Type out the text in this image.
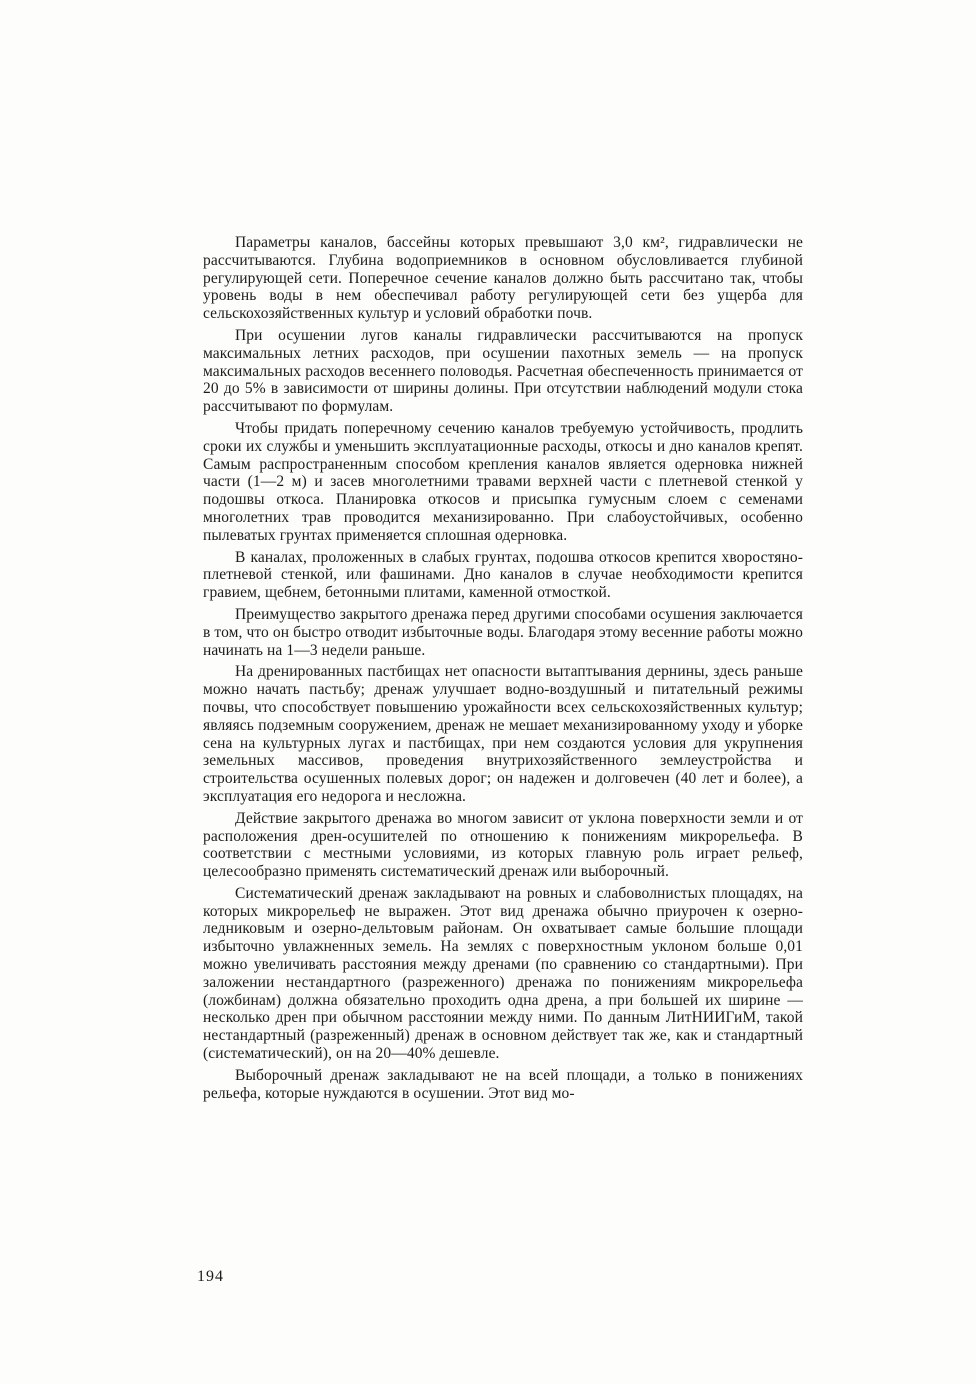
Параметры каналов, бассейны которых превышают 3,0 км², гидравлически не рассчитываются. Глубина водоприемников в основном обусловливается глубиной регулирующей сети. Поперечное сечение каналов должно быть рассчитано так, чтобы уровень воды в нем обеспечивал работу регулирующей сети без ущерба для сельскохозяйственных культур и условий обработки почв.

При осушении лугов каналы гидравлически рассчитываются на пропуск максимальных летних расходов, при осушении пахотных земель — на пропуск максимальных расходов весеннего половодья. Расчетная обеспеченность принимается от 20 до 5% в зависимости от ширины долины. При отсутствии наблюдений модули стока рассчитывают по формулам.

Чтобы придать поперечному сечению каналов требуемую устойчивость, продлить сроки их службы и уменьшить эксплуатационные расходы, откосы и дно каналов крепят. Самым распространенным способом крепления каналов является одерновка нижней части (1—2 м) и засев многолетними травами верхней части с плетневой стенкой у подошвы откоса. Планировка откосов и присыпка гумусным слоем с семенами многолетних трав проводится механизированно. При слабоустойчивых, особенно пылеватых грунтах применяется сплошная одерновка.

В каналах, проложенных в слабых грунтах, подошва откосов крепится хворостяно-плетневой стенкой, или фашинами. Дно каналов в случае необходимости крепится гравием, щебнем, бетонными плитами, каменной отмосткой.

Преимущество закрытого дренажа перед другими способами осушения заключается в том, что он быстро отводит избыточные воды. Благодаря этому весенние работы можно начинать на 1—3 недели раньше.

На дренированных пастбищах нет опасности вытаптывания дернины, здесь раньше можно начать пастьбу; дренаж улучшает водно-воздушный и питательный режимы почвы, что способствует повышению урожайности всех сельскохозяйственных культур; являясь подземным сооружением, дренаж не мешает механизированному уходу и уборке сена на культурных лугах и пастбищах, при нем создаются условия для укрупнения земельных массивов, проведения внутрихозяйственного землеустройства и строительства осушенных полевых дорог; он надежен и долговечен (40 лет и более), а эксплуатация его недорога и несложна.

Действие закрытого дренажа во многом зависит от уклона поверхности земли и от расположения дрен-осушителей по отношению к понижениям микрорельефа. В соответствии с местными условиями, из которых главную роль играет рельеф, целесообразно применять систематический дренаж или выборочный.

Систематический дренаж закладывают на ровных и слабоволнистых площадях, на которых микрорельеф не выражен. Этот вид дренажа обычно приурочен к озерно-ледниковым и озерно-дельтовым районам. Он охватывает самые большие площади избыточно увлажненных земель. На землях с поверхностным уклоном больше 0,01 можно увеличивать расстояния между дренами (по сравнению со стандартными). При заложении нестандартного (разреженного) дренажа по понижениям микрорельефа (ложбинам) должна обязательно проходить одна дрена, а при большей их ширине — несколько дрен при обычном расстоянии между ними. По данным ЛитНИИГиМ, такой нестандартный (разреженный) дренаж в основном действует так же, как и стандартный (систематический), он на 20—40% дешевле.

Выборочный дренаж закладывают не на всей площади, а только в понижениях рельефа, которые нуждаются в осушении. Этот вид мо-

194
